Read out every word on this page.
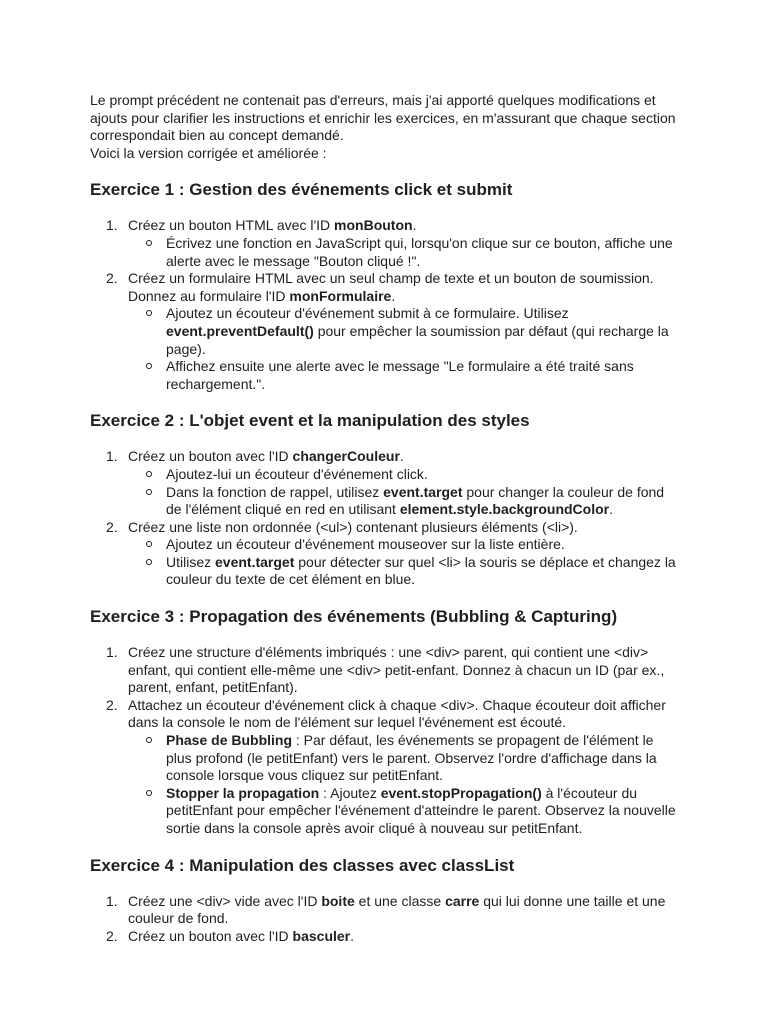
Le prompt précédent ne contenait pas d'erreurs, mais j'ai apporté quelques modifications et ajouts pour clarifier les instructions et enrichir les exercices, en m'assurant que chaque section correspondait bien au concept demandé.

Voici la version corrigée et améliorée :

Exercice 1 : Gestion des événements click et submit
Créez un bouton HTML avec l'ID monBouton.
Écrivez une fonction en JavaScript qui, lorsqu'on clique sur ce bouton, affiche une alerte avec le message "Bouton cliqué !".
Créez un formulaire HTML avec un seul champ de texte et un bouton de soumission. Donnez au formulaire l'ID monFormulaire.
Ajoutez un écouteur d'événement submit à ce formulaire. Utilisez event.preventDefault() pour empêcher la soumission par défaut (qui recharge la page).
Affichez ensuite une alerte avec le message "Le formulaire a été traité sans rechargement.".
Exercice 2 : L'objet event et la manipulation des styles
Créez un bouton avec l'ID changerCouleur.
Ajoutez-lui un écouteur d'événement click.
Dans la fonction de rappel, utilisez event.target pour changer la couleur de fond de l'élément cliqué en red en utilisant element.style.backgroundColor.
Créez une liste non ordonnée (<ul>) contenant plusieurs éléments (<li>).
Ajoutez un écouteur d'événement mouseover sur la liste entière.
Utilisez event.target pour détecter sur quel <li> la souris se déplace et changez la couleur du texte de cet élément en blue.
Exercice 3 : Propagation des événements (Bubbling & Capturing)
Créez une structure d'éléments imbriqués : une <div> parent, qui contient une <div> enfant, qui contient elle-même une <div> petit-enfant. Donnez à chacun un ID (par ex., parent, enfant, petitEnfant).
Attachez un écouteur d'événement click à chaque <div>. Chaque écouteur doit afficher dans la console le nom de l'élément sur lequel l'événement est écouté.
Phase de Bubbling : Par défaut, les événements se propagent de l'élément le plus profond (le petitEnfant) vers le parent. Observez l'ordre d'affichage dans la console lorsque vous cliquez sur petitEnfant.
Stopper la propagation : Ajoutez event.stopPropagation() à l'écouteur du petitEnfant pour empêcher l'événement d'atteindre le parent. Observez la nouvelle sortie dans la console après avoir cliqué à nouveau sur petitEnfant.
Exercice 4 : Manipulation des classes avec classList
Créez une <div> vide avec l'ID boite et une classe carre qui lui donne une taille et une couleur de fond.
Créez un bouton avec l'ID basculer.
